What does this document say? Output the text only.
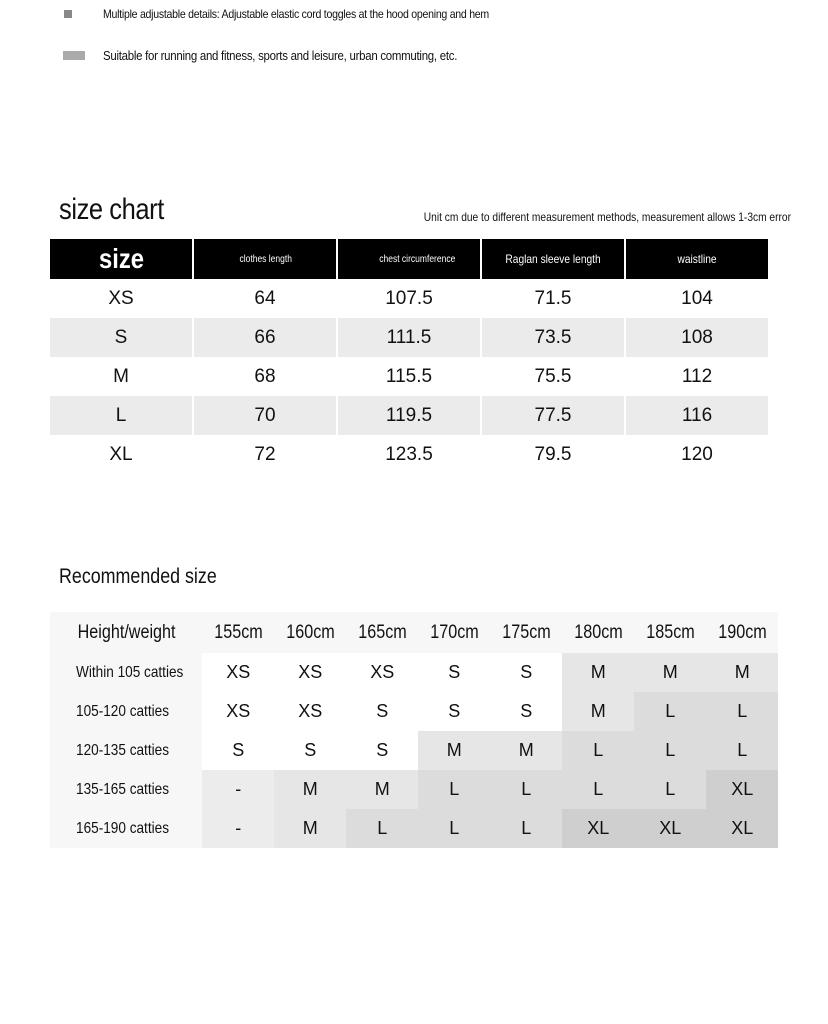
Multiple adjustable details: Adjustable elastic cord toggles at the hood opening and hem
Suitable for running and fitness, sports and leisure, urban commuting, etc.
size chart	Unit cm due to different measurement methods, measurement allows 1-3cm error
size	clothes length	chest circumference	Raglan sleeve length	waistline
XS	64	107.5	71.5	104
S	66	111.5	73.5	108
M	68	115.5	75.5	112
L	70	119.5	77.5	116
XL	72	123.5	79.5	120
Recommended size
Height/weight	155cm	160cm	165cm	170cm	175cm	180cm	185cm	190cm
Within 105 catties	XS	XS	XS	S	S	M	M	M
105-120 catties	XS	XS	S	S	S	M	L	L
120-135 catties	S	S	S	M	M	L	L	L
135-165 catties	-	M	M	L	L	L	L	XL
165-190 catties	-	M	L	L	L	XL	XL	XL
